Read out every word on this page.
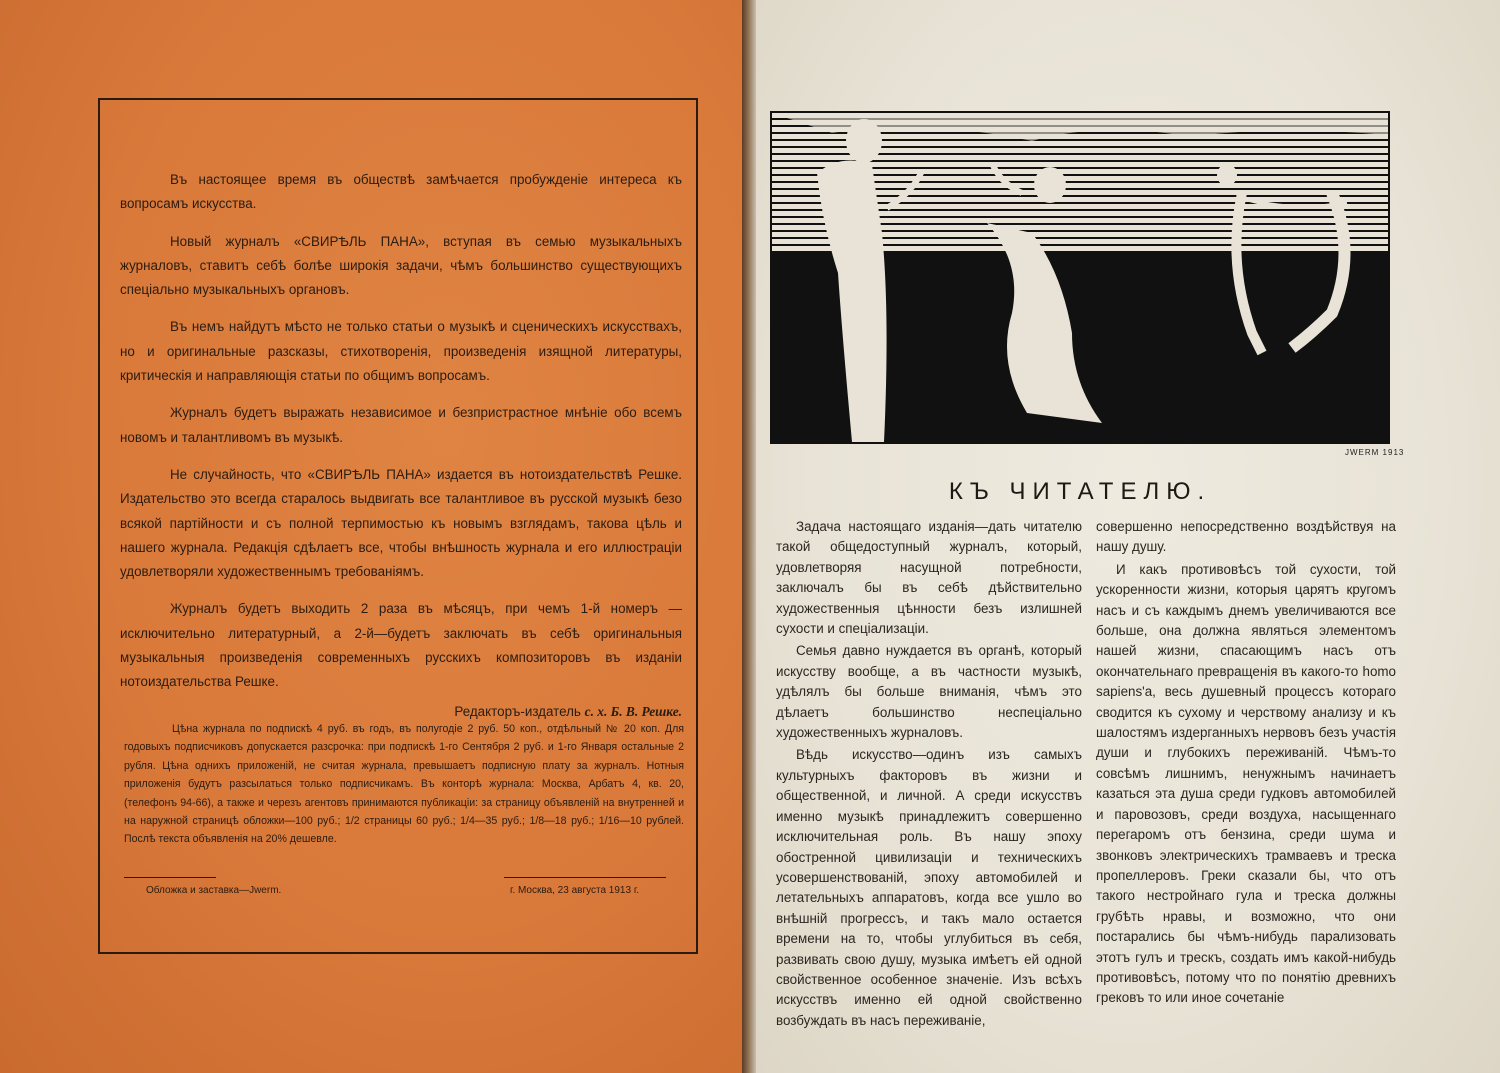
Въ настоящее время въ обществѣ замѣчается пробужденіе интереса къ вопросамъ искусства.

Новый журналъ «СВИРѢЛЬ ПАНА», вступая въ семью музыкальныхъ журналовъ, ставитъ себѣ болѣе широкія задачи, чѣмъ большинство существующихъ спеціально музыкальныхъ органовъ.

Въ немъ найдутъ мѣсто не только статьи о музыкѣ и сценическихъ искусствахъ, но и оригинальные разсказы, стихотворенія, произведенія изящной литературы, критическія и направляющія статьи по общимъ вопросамъ.

Журналъ будетъ выражать независимое и безпристрастное мнѣніе обо всемъ новомъ и талантливомъ въ музыкѣ.

Не случайность, что «СВИРѢЛЬ ПАНА» издается въ нотоиздательствѣ Решке. Издательство это всегда старалось выдвигать все талантливое въ русской музыкѣ безо всякой партійности и съ полной терпимостью къ новымъ взглядамъ, такова цѣль и нашего журнала. Редакція сдѣлаетъ все, чтобы внѣшность журнала и его иллюстраціи удовлетворяли художественнымъ требованіямъ.

Журналъ будетъ выходить 2 раза въ мѣсяцъ, при чемъ 1-й номеръ — исключительно литературный, а 2-й—будетъ заключать въ себѣ оригинальныя музыкальныя произведенія современныхъ русскихъ композиторовъ въ изданіи нотоиздательства Решке.

Редакторъ-издатель с. х. Б. В. Решке.

Цѣна журнала по подпискѣ 4 руб. въ годъ, въ полугодіе 2 руб. 50 коп., отдѣльный № 20 коп. Для годовыхъ подписчиковъ допускается разсрочка: при подпискѣ 1-го Сентября 2 руб. и 1-го Января остальные 2 рубля. Цѣна однихъ приложеній, не считая журнала, превышаетъ подписную плату за журналъ. Нотныя приложенія будутъ разсылаться только подписчикамъ. Въ конторѣ журнала: Москва, Арбатъ 4, кв. 20, (телефонъ 94-66), а также и черезъ агентовъ принимаются публикаціи: за страницу объявленій на внутренней и на наружной страницѣ обложки—100 руб.; 1/2 страницы 60 руб.; 1/4—35 руб.; 1/8—18 руб.; 1/16—10 рублей. Послѣ текста объявленія на 20% дешевле.

Обложка и заставка—Jwerm.	г. Москва, 23 августа 1913 г.
JWERM 1913
КЪ ЧИТАТЕЛЮ.

Задача настоящаго изданія—дать читателю такой общедоступный журналъ, который, удовлетворяя насущной потребности, заключалъ бы въ себѣ дѣйствительно художественныя цѣнности безъ излишней сухости и спеціализаціи.

Семья давно нуждается въ органѣ, который искусству вообще, а въ частности музыкѣ, удѣлялъ бы больше вниманія, чѣмъ это дѣлаетъ большинство неспеціально художественныхъ журналовъ.

Вѣдь искусство—одинъ изъ самыхъ культурныхъ факторовъ въ жизни и общественной, и личной. А среди искусствъ именно музыкѣ принадлежитъ совершенно исключительная роль. Въ нашу эпоху обостренной цивилизаціи и техническихъ усовершенствованій, эпоху автомобилей и летательныхъ аппаратовъ, когда все ушло во внѣшній прогрессъ, и такъ мало остается времени на то, чтобы углубиться въ себя, развивать свою душу, музыка имѣетъ ей одной свойственное особенное значеніе. Изъ всѣхъ искусствъ именно ей одной свойственно возбуждать въ насъ переживаніе,

совершенно непосредственно воздѣйствуя на нашу душу.

И какъ противовѣсъ той сухости, той ускоренности жизни, которыя царятъ кругомъ насъ и съ каждымъ днемъ увеличиваются все больше, она должна являться элементомъ нашей жизни, спасающимъ насъ отъ окончательнаго превращенія въ какого-то homo sapiens'a, весь душевный процессъ котораго сводится къ сухому и черствому анализу и къ шалостямъ издерганныхъ нервовъ безъ участія души и глубокихъ переживаній. Чѣмъ-то совсѣмъ лишнимъ, ненужнымъ начинаетъ казаться эта душа среди гудковъ автомобилей и паровозовъ, среди воздуха, насыщеннаго перегаромъ отъ бензина, среди шума и звонковъ электрическихъ трамваевъ и треска пропеллеровъ. Греки сказали бы, что отъ такого нестройнаго гула и треска должны грубѣть нравы, и возможно, что они постарались бы чѣмъ-нибудь парализовать этотъ гулъ и трескъ, создать имъ какой-нибудь противовѣсъ, потому что по понятію древнихъ грековъ то или иное сочетаніе
